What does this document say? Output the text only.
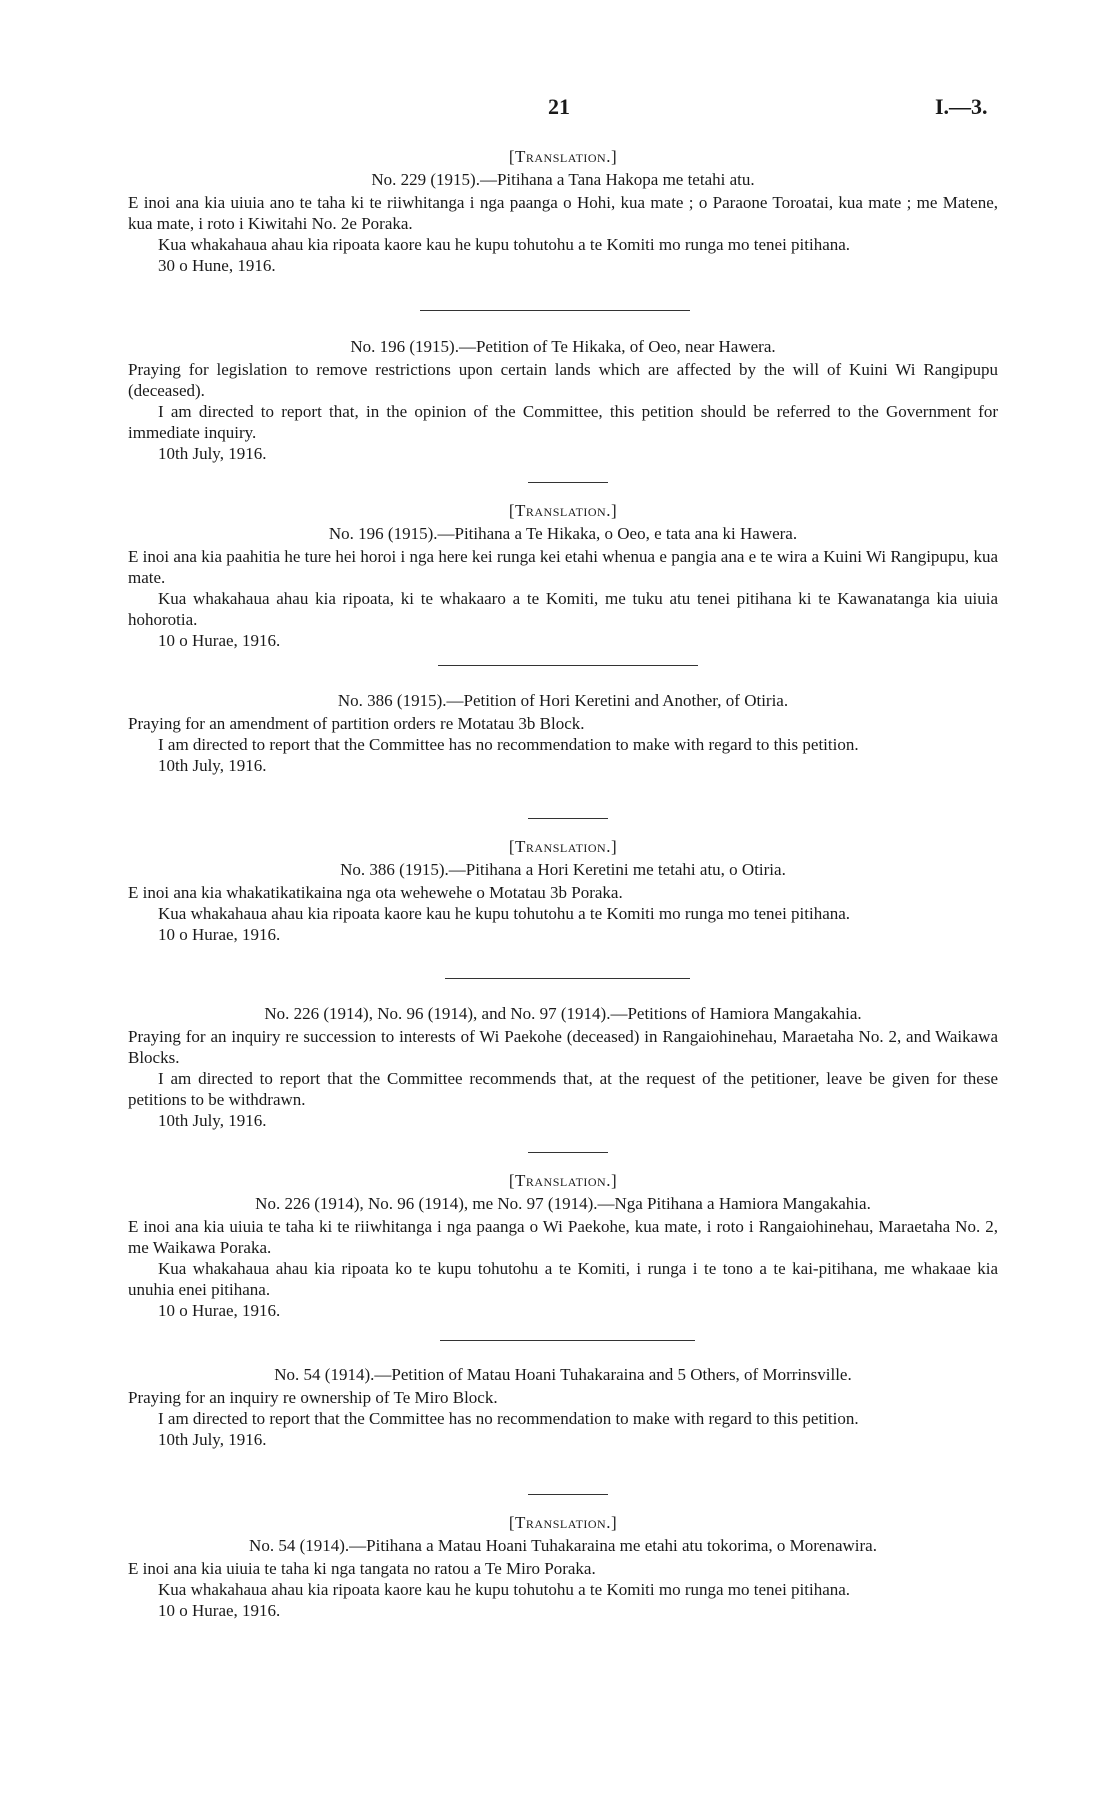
21	I.—3.

[Translation.]

No. 229 (1915).—Pitihana a Tana Hakopa me tetahi atu.

E inoi ana kia uiuia ano te taha ki te riiwhitanga i nga paanga o Hohi, kua mate ; o Paraone Toroatai, kua mate ; me Matene, kua mate, i roto i Kiwitahi No. 2e Poraka.

Kua whakahaua ahau kia ripoata kaore kau he kupu tohutohu a te Komiti mo runga mo tenei pitihana.

30 o Hune, 1916.

No. 196 (1915).—Petition of Te Hikaka, of Oeo, near Hawera.

Praying for legislation to remove restrictions upon certain lands which are affected by the will of Kuini Wi Rangipupu (deceased).

I am directed to report that, in the opinion of the Committee, this petition should be referred to the Government for immediate inquiry.

10th July, 1916.

[Translation.]

No. 196 (1915).—Pitihana a Te Hikaka, o Oeo, e tata ana ki Hawera.

E inoi ana kia paahitia he ture hei horoi i nga here kei runga kei etahi whenua e pangia ana e te wira a Kuini Wi Rangipupu, kua mate.

Kua whakahaua ahau kia ripoata, ki te whakaaro a te Komiti, me tuku atu tenei pitihana ki te Kawanatanga kia uiuia hohorotia.

10 o Hurae, 1916.

No. 386 (1915).—Petition of Hori Keretini and Another, of Otiria.

Praying for an amendment of partition orders re Motatau 3b Block.

I am directed to report that the Committee has no recommendation to make with regard to this petition.

10th July, 1916.

[Translation.]

No. 386 (1915).—Pitihana a Hori Keretini me tetahi atu, o Otiria.

E inoi ana kia whakatikatikaina nga ota wehewehe o Motatau 3b Poraka.

Kua whakahaua ahau kia ripoata kaore kau he kupu tohutohu a te Komiti mo runga mo tenei pitihana.

10 o Hurae, 1916.

No. 226 (1914), No. 96 (1914), and No. 97 (1914).—Petitions of Hamiora Mangakahia.

Praying for an inquiry re succession to interests of Wi Paekohe (deceased) in Rangaiohinehau, Maraetaha No. 2, and Waikawa Blocks.

I am directed to report that the Committee recommends that, at the request of the petitioner, leave be given for these petitions to be withdrawn.

10th July, 1916.

[Translation.]

No. 226 (1914), No. 96 (1914), me No. 97 (1914).—Nga Pitihana a Hamiora Mangakahia.

E inoi ana kia uiuia te taha ki te riiwhitanga i nga paanga o Wi Paekohe, kua mate, i roto i Rangaiohinehau, Maraetaha No. 2, me Waikawa Poraka.

Kua whakahaua ahau kia ripoata ko te kupu tohutohu a te Komiti, i runga i te tono a te kai-pitihana, me whakaae kia unuhia enei pitihana.

10 o Hurae, 1916.

No. 54 (1914).—Petition of Matau Hoani Tuhakaraina and 5 Others, of Morrinsville.

Praying for an inquiry re ownership of Te Miro Block.

I am directed to report that the Committee has no recommendation to make with regard to this petition.

10th July, 1916.

[Translation.]

No. 54 (1914).—Pitihana a Matau Hoani Tuhakaraina me etahi atu tokorima, o Morenawira.

E inoi ana kia uiuia te taha ki nga tangata no ratou a Te Miro Poraka.

Kua whakahaua ahau kia ripoata kaore kau he kupu tohutohu a te Komiti mo runga mo tenei pitihana.

10 o Hurae, 1916.
